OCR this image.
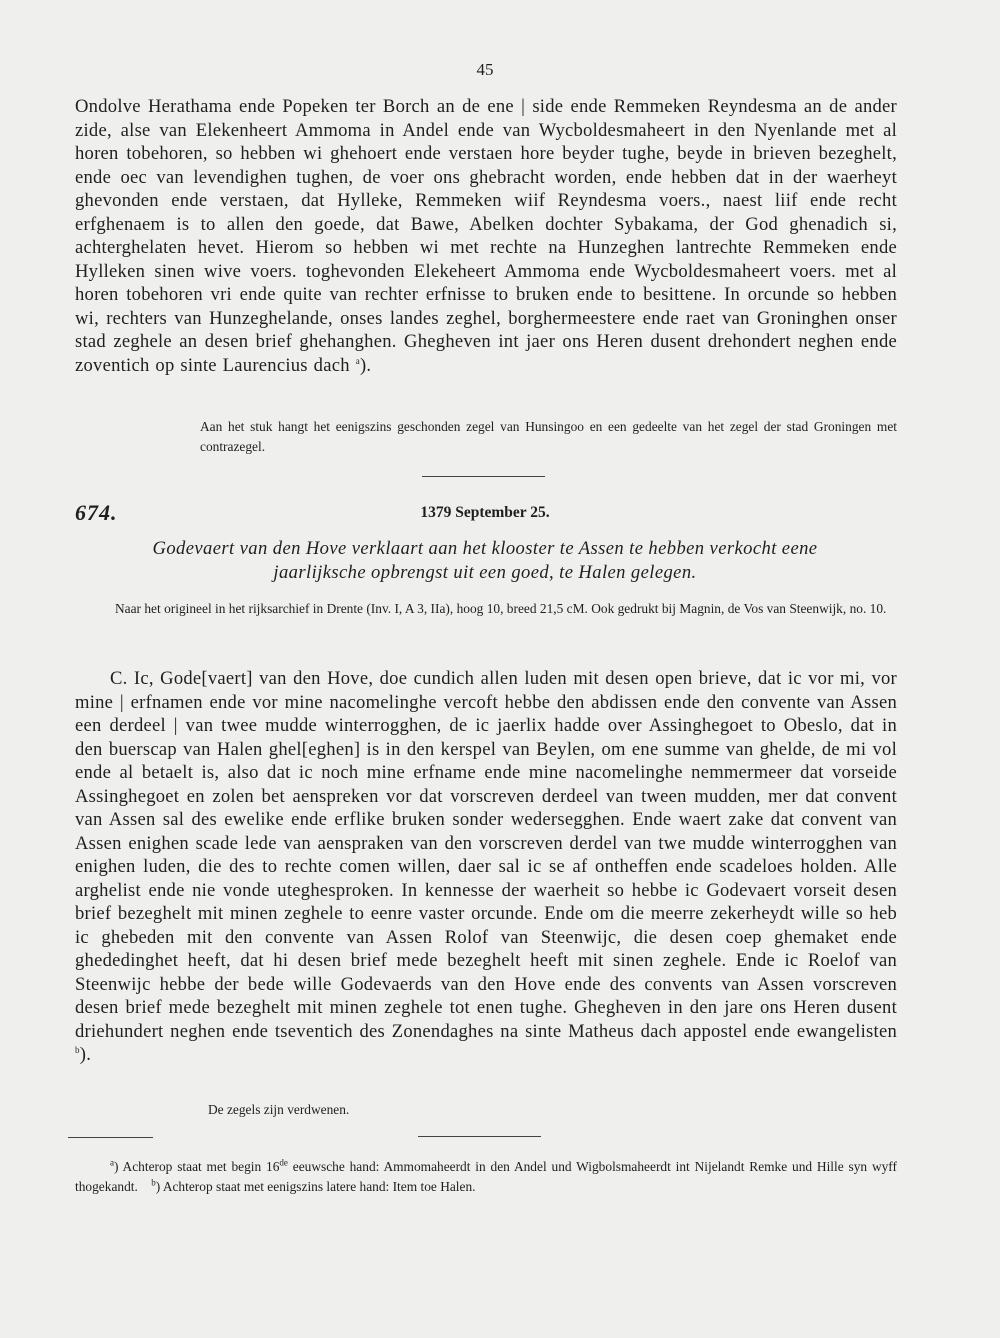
45

Ondolve Herathama ende Popeken ter Borch an de ene | side ende Remmeken Reyndesma an de ander zide, alse van Elekenheert Ammoma in Andel ende van Wycboldesmaheert in den Nyenlande met al horen tobehoren, so hebben wi ghehoert ende verstaen hore beyder tughe, beyde in brieven bezeghelt, ende oec van levendighen tughen, de voer ons ghebracht worden, ende hebben dat in der waerheyt ghevonden ende verstaen, dat Hylleke, Remmeken wiif Reyndesma voers., naest liif ende recht erfghenaem is to allen den goede, dat Bawe, Abelken dochter Sybakama, der God ghenadich si, achterghelaten hevet. Hierom so hebben wi met rechte na Hunzeghen lantrechte Remmeken ende Hylleken sinen wive voers. toghevonden Elekeheert Ammoma ende Wycboldesmaheert voers. met al horen tobehoren vri ende quite van rechter erfnisse to bruken ende to besittene. In orcunde so hebben wi, rechters van Hunzeghelande, onses landes zeghel, borghermeestere ende raet van Groninghen onser stad zeghele an desen brief ghehanghen. Ghegheven int jaer ons Heren dusent drehondert neghen ende zoventich op sinte Laurencius dach $^a$).

Aan het stuk hangt het eenigszins geschonden zegel van Hunsingoo en een gedeelte van het zegel der stad Groningen met contrazegel.
674.	1379 September 25.
Godevaert van den Hove verklaart aan het klooster te Assen te hebben verkocht eene jaarlijksche opbrengst uit een goed, te Halen gelegen.
Naar het origineel in het rijksarchief in Drente (Inv. I, A 3, IIa), hoog 10, breed 21,5 cM. Ook gedrukt bij Magnin, de Vos van Steenwijk, no. 10.

C. Ic, Gode[vaert] van den Hove, doe cundich allen luden mit desen open brieve, dat ic vor mi, vor mine | erfnamen ende vor mine nacomelinghe vercoft hebbe den abdissen ende den convente van Assen een derdeel | van twee mudde winterrogghen, de ic jaerlix hadde over Assinghegoet to Obeslo, dat in den buerscap van Halen ghel[eghen] is in den kerspel van Beylen, om ene summe van ghelde, de mi vol ende al betaelt is, also dat ic noch mine erfname ende mine nacomelinghe nemmermeer dat vorseide Assinghegoet en zolen bet aenspreken vor dat vorscreven derdeel van tween mudden, mer dat convent van Assen sal des ewelike ende erflike bruken sonder wedersegghen. Ende waert zake dat convent van Assen enighen scade lede van aenspraken van den vorscreven derdel van twe mudde winterrogghen van enighen luden, die des to rechte comen willen, daer sal ic se af ontheffen ende scadeloes holden. Alle arghelist ende nie vonde uteghesproken. In kennesse der waerheit so hebbe ic Godevaert vorseit desen brief bezeghelt mit minen zeghele to eenre vaster orcunde. Ende om die meerre zekerheydt wille so heb ic ghebeden mit den convente van Assen Rolof van Steenwijc, die desen coep ghemaket ende ghededinghet heeft, dat hi desen brief mede bezeghelt heeft mit sinen zeghele. Ende ic Roelof van Steenwijc hebbe der bede wille Godevaerds van den Hove ende des convents van Assen vorscreven desen brief mede bezeghelt mit minen zeghele tot enen tughe. Ghegheven in den jare ons Heren dusent driehundert neghen ende tseventich des Zonendaghes na sinte Matheus dach appostel ende ewangelisten $^b$).

De zegels zijn verdwenen.
$^a$) Achterop staat met begin 16de eeuwsche hand: Ammomaheerdt in den Andel und Wigbolsmaheerdt int Nijelandt Remke und Hille syn wyff thogekandt. $^b$) Achterop staat met eenigszins latere hand: Item toe Halen.
